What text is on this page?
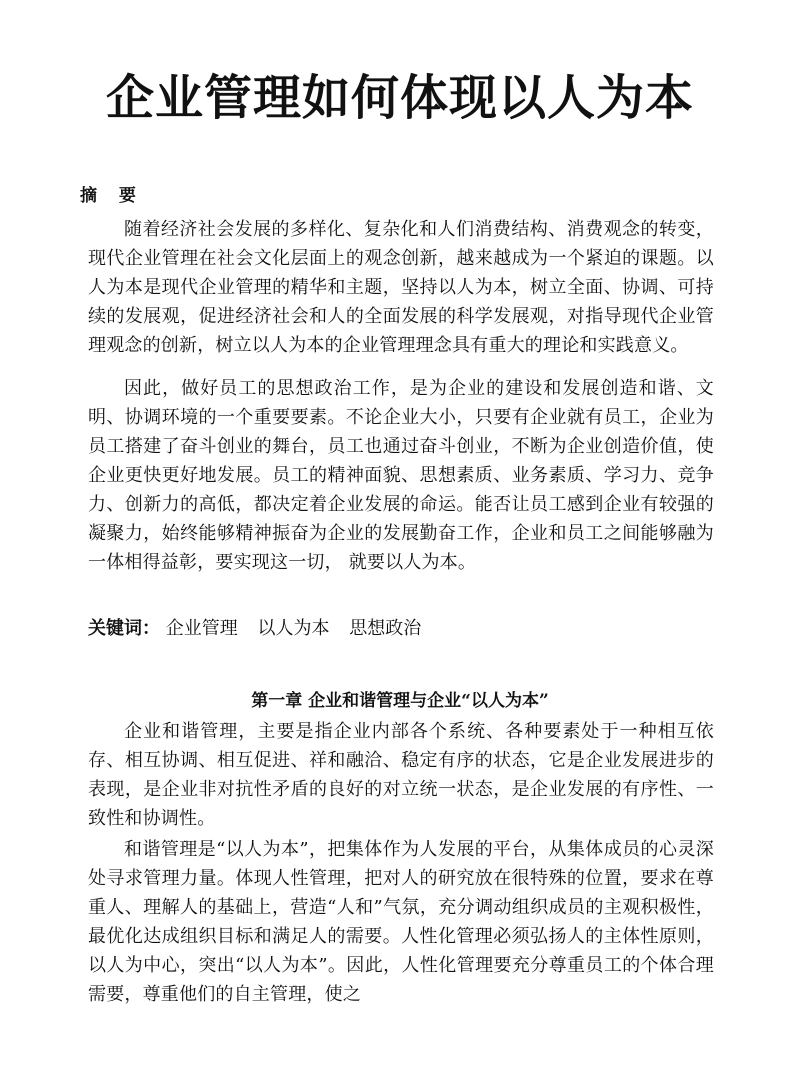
企业管理如何体现以人为本
摘 要

随着经济社会发展的多样化、复杂化和人们消费结构、消费观念的转变，现代企业管理在社会文化层面上的观念创新，越来越成为一个紧迫的课题。以人为本是现代企业管理的精华和主题，坚持以人为本，树立全面、协调、可持续的发展观，促进经济社会和人的全面发展的科学发展观，对指导现代企业管理观念的创新，树立以人为本的企业管理理念具有重大的理论和实践意义。

因此，做好员工的思想政治工作，是为企业的建设和发展创造和谐、文明、协调环境的一个重要要素。不论企业大小，只要有企业就有员工，企业为员工搭建了奋斗创业的舞台，员工也通过奋斗创业，不断为企业创造价值，使企业更快更好地发展。员工的精神面貌、思想素质、业务素质、学习力、竞争力、创新力的高低，都决定着企业发展的命运。能否让员工感到企业有较强的凝聚力，始终能够精神振奋为企业的发展勤奋工作，企业和员工之间能够融为一体相得益彰，要实现这一切， 就要以人为本。

关键词： 企业管理 以人为本 思想政治

第一章 企业和谐管理与企业“以人为本”

企业和谐管理，主要是指企业内部各个系统、各种要素处于一种相互依存、相互协调、相互促进、祥和融洽、稳定有序的状态，它是企业发展进步的表现，是企业非对抗性矛盾的良好的对立统一状态，是企业发展的有序性、一致性和协调性。

和谐管理是“以人为本”，把集体作为人发展的平台，从集体成员的心灵深处寻求管理力量。体现人性管理，把对人的研究放在很特殊的位置，要求在尊重人、理解人的基础上，营造“人和”气氛，充分调动组织成员的主观积极性，最优化达成组织目标和满足人的需要。人性化管理必须弘扬人的主体性原则，以人为中心，突出“以人为本”。因此，人性化管理要充分尊重员工的个体合理需要，尊重他们的自主管理，使之
